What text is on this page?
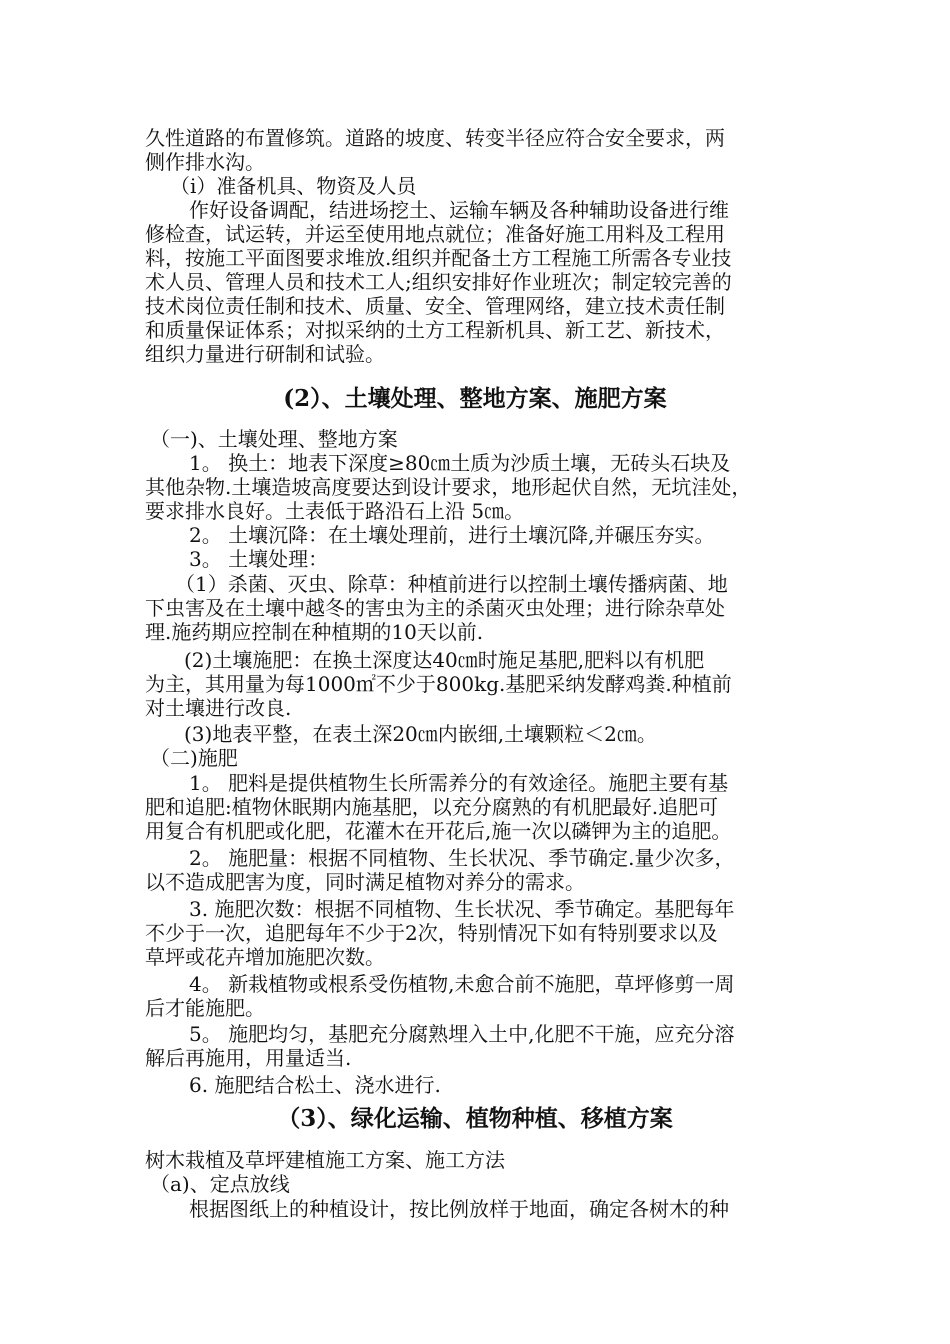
久性道路的布置修筑。道路的坡度、转变半径应符合安全要求，两
侧作排水沟。
（i）准备机具、物资及人员
作好设备调配，结进场挖土、运输车辆及各种辅助设备进行维
修检查，试运转，并运至使用地点就位；准备好施工用料及工程用
料，按施工平面图要求堆放.组织并配备土方工程施工所需各专业技
术人员、管理人员和技术工人;组织安排好作业班次；制定较完善的
技术岗位责任制和技术、质量、安全、管理网络，建立技术责任制
和质量保证体系；对拟采纳的土方工程新机具、新工艺、新技术，
组织力量进行研制和试验。
(2）、土壤处理、整地方案、施肥方案
（一)、土壤处理、整地方案
1。 换土：地表下深度≥80㎝土质为沙质土壤，无砖头石块及
其他杂物.土壤造坡高度要达到设计要求，地形起伏自然，无坑洼处，
要求排水良好。土表低于路沿石上沿 5㎝。
2。 土壤沉降：在土壤处理前，进行土壤沉降,并碾压夯实。
3。 土壤处理：
（1）杀菌、灭虫、除草：种植前进行以控制土壤传播病菌、地
下虫害及在土壤中越冬的害虫为主的杀菌灭虫处理；进行除杂草处
理.施药期应控制在种植期的10天以前.
(2)土壤施肥：在换土深度达40㎝时施足基肥,肥料以有机肥
为主，其用量为每1000㎡不少于800kg.基肥采纳发酵鸡粪.种植前
对土壤进行改良.
(3)地表平整，在表土深20㎝内嵌细,土壤颗粒＜2㎝。
（二)施肥
1。 肥料是提供植物生长所需养分的有效途径。施肥主要有基
肥和追肥:植物休眠期内施基肥，以充分腐熟的有机肥最好.追肥可
用复合有机肥或化肥，花灌木在开花后,施一次以磷钾为主的追肥。
2。 施肥量：根据不同植物、生长状况、季节确定.量少次多，
以不造成肥害为度，同时满足植物对养分的需求。
3. 施肥次数：根据不同植物、生长状况、季节确定。基肥每年
不少于一次，追肥每年不少于2次，特别情况下如有特别要求以及
草坪或花卉增加施肥次数。
4。 新栽植物或根系受伤植物,未愈合前不施肥，草坪修剪一周
后才能施肥。
5。 施肥均匀，基肥充分腐熟埋入土中,化肥不干施，应充分溶
解后再施用，用量适当.
6. 施肥结合松土、浇水进行.
（3）、绿化运输、植物种植、移植方案
树木栽植及草坪建植施工方案、施工方法
（a)、定点放线
根据图纸上的种植设计，按比例放样于地面，确定各树木的种
